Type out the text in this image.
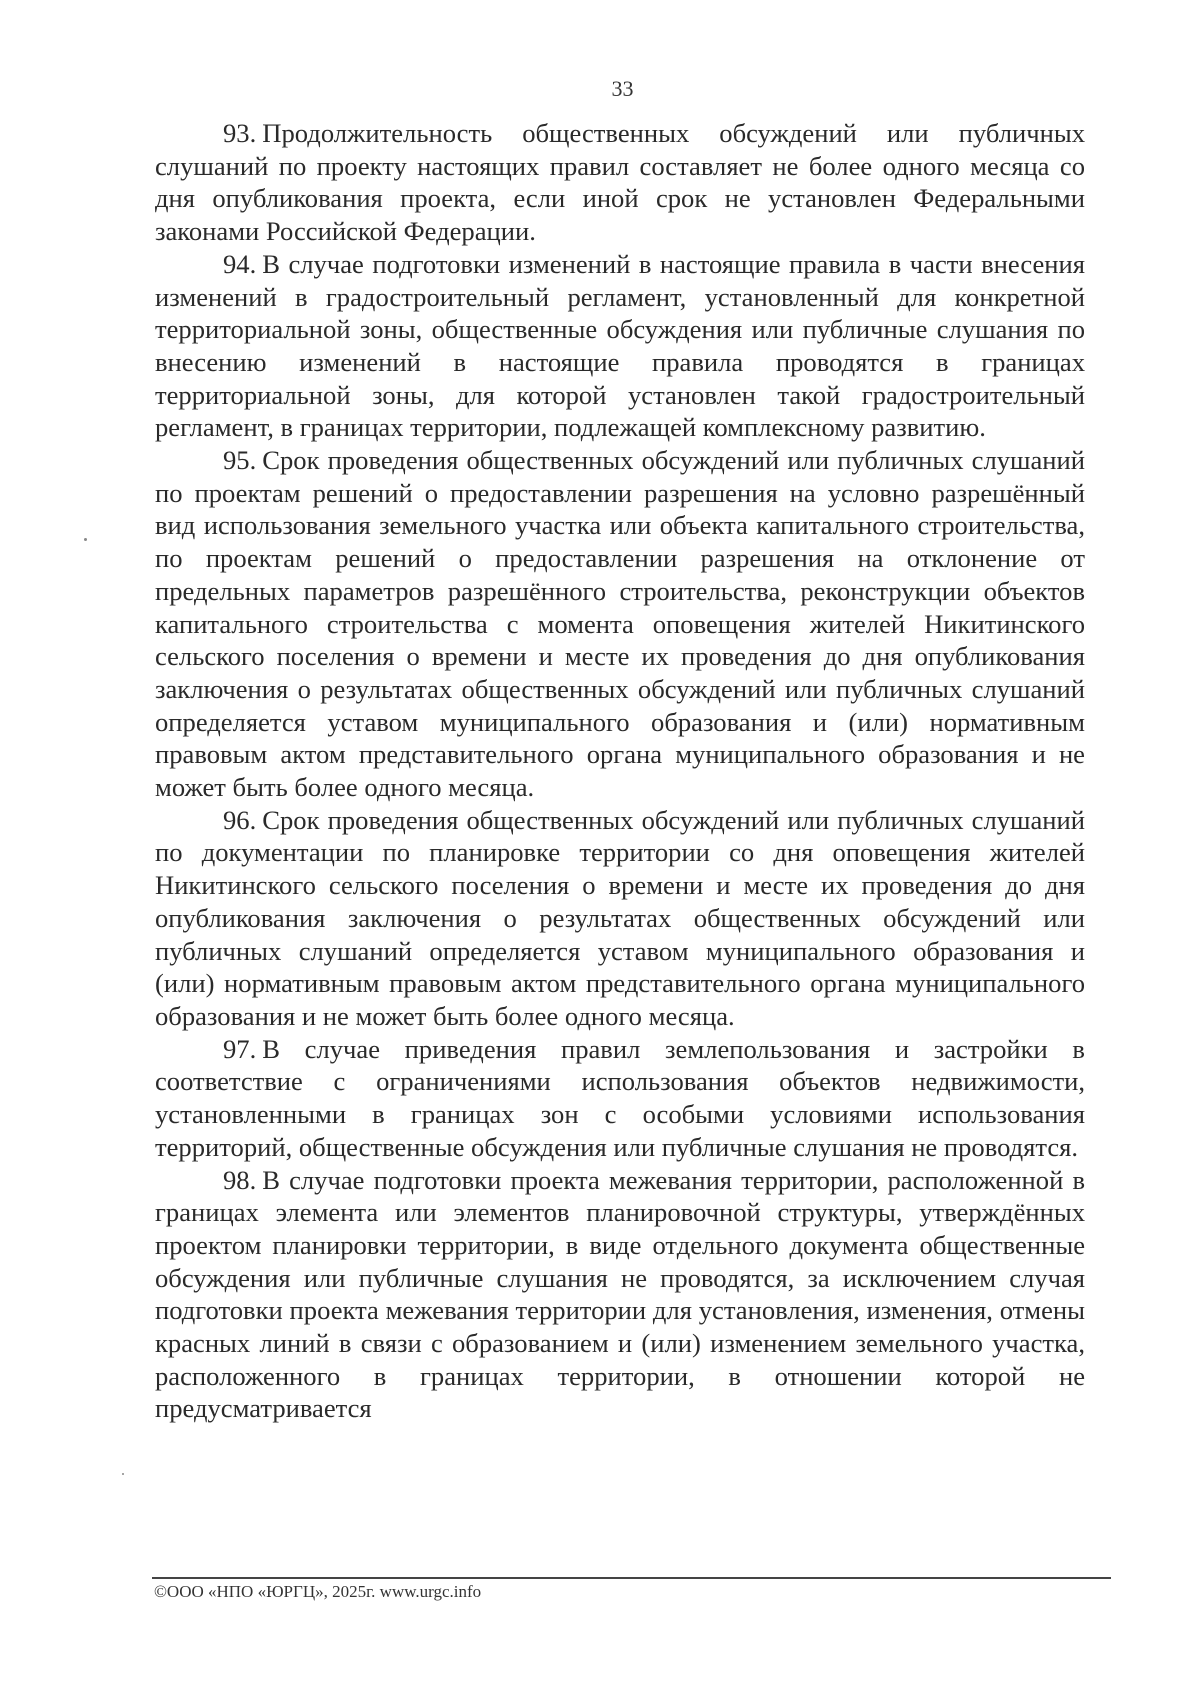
33

93. Продолжительность общественных обсуждений или публичных слушаний по проекту настоящих правил составляет не более одного месяца со дня опубликования проекта, если иной срок не установлен Федеральными законами Российской Федерации.

94. В случае подготовки изменений в настоящие правила в части внесения изменений в градостроительный регламент, установленный для конкретной территориальной зоны, общественные обсуждения или публичные слушания по внесению изменений в настоящие правила проводятся в границах территориальной зоны, для которой установлен такой градостроительный регламент, в границах территории, подлежащей комплексному развитию.

95. Срок проведения общественных обсуждений или публичных слушаний по проектам решений о предоставлении разрешения на условно разрешённый вид использования земельного участка или объекта капитального строительства, по проектам решений о предоставлении разрешения на отклонение от предельных параметров разрешённого строительства, реконструкции объектов капитального строительства с момента оповещения жителей Никитинского сельского поселения о времени и месте их проведения до дня опубликования заключения о результатах общественных обсуждений или публичных слушаний определяется уставом муниципального образования и (или) нормативным правовым актом представительного органа муниципального образования и не может быть более одного месяца.

96. Срок проведения общественных обсуждений или публичных слушаний по документации по планировке территории со дня оповещения жителей Никитинского сельского поселения о времени и месте их проведения до дня опубликования заключения о результатах общественных обсуждений или публичных слушаний определяется уставом муниципального образования и (или) нормативным правовым актом представительного органа муниципального образования и не может быть более одного месяца.

97. В случае приведения правил землепользования и застройки в соответствие с ограничениями использования объектов недвижимости, установленными в границах зон с особыми условиями использования территорий, общественные обсуждения или публичные слушания не проводятся.

98. В случае подготовки проекта межевания территории, расположенной в границах элемента или элементов планировочной структуры, утверждённых проектом планировки территории, в виде отдельного документа общественные обсуждения или публичные слушания не проводятся, за исключением случая подготовки проекта межевания территории для установления, изменения, отмены красных линий в связи с образованием и (или) изменением земельного участка, расположенного в границах территории, в отношении которой не предусматривается

©ООО «НПО «ЮРГЦ», 2025г. www.urgc.info
